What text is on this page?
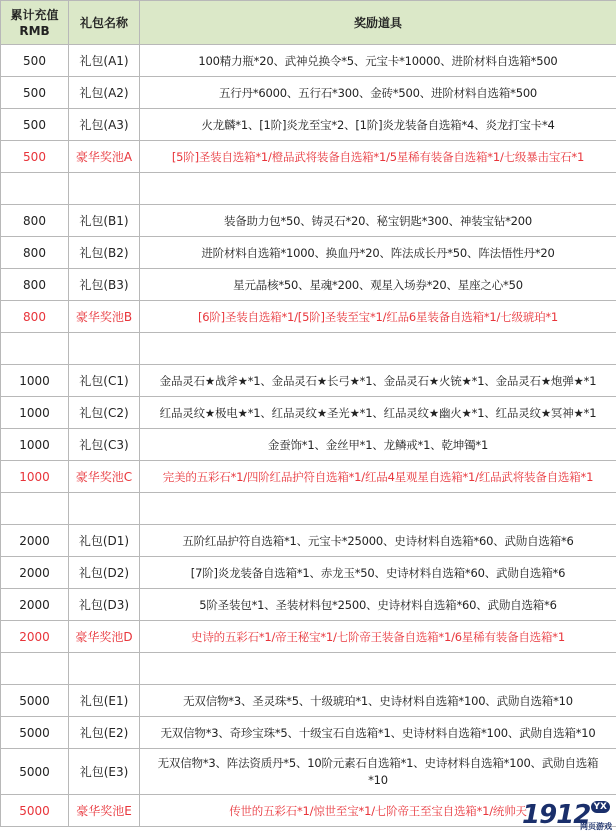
累计充值RMB	礼包名称	奖励道具
500	礼包(A1)	100精力瓶*20、武神兑换令*5、元宝卡*10000、进阶材料自选箱*500
500	礼包(A2)	五行丹*6000、五行石*300、金砖*500、进阶材料自选箱*500
500	礼包(A3)	火龙麟*1、[1阶]炎龙至宝*2、[1阶]炎龙装备自选箱*4、炎龙打宝卡*4
500	豪华奖池A	[5阶]圣装自选箱*1/橙品武将装备自选箱*1/5星稀有装备自选箱*1/七级暴击宝石*1

800	礼包(B1)	装备助力包*50、铸灵石*20、秘宝钥匙*300、神装宝钻*200
800	礼包(B2)	进阶材料自选箱*1000、换血丹*20、阵法成长丹*50、阵法悟性丹*20
800	礼包(B3)	星元晶核*50、星魂*200、观星入场券*20、星座之心*50
800	豪华奖池B	[6阶]圣装自选箱*1/[5阶]圣装至宝*1/红品6星装备自选箱*1/七级琥珀*1

1000	礼包(C1)	金品灵石★战斧★*1、金品灵石★长弓★*1、金品灵石★火铳★*1、金品灵石★炮弹★*1
1000	礼包(C2)	红品灵纹★极电★*1、红品灵纹★圣光★*1、红品灵纹★幽火★*1、红品灵纹★冥神★*1
1000	礼包(C3)	金蚕饰*1、金丝甲*1、龙鳞戒*1、乾坤镯*1
1000	豪华奖池C	完美的五彩石*1/四阶红品护符自选箱*1/红品4星观星自选箱*1/红品武将装备自选箱*1

2000	礼包(D1)	五阶红品护符自选箱*1、元宝卡*25000、史诗材料自选箱*60、武勋自选箱*6
2000	礼包(D2)	[7阶]炎龙装备自选箱*1、赤龙玉*50、史诗材料自选箱*60、武勋自选箱*6
2000	礼包(D3)	5阶圣装包*1、圣装材料包*2500、史诗材料自选箱*60、武勋自选箱*6
2000	豪华奖池D	史诗的五彩石*1/帝王秘宝*1/七阶帝王装备自选箱*1/6星稀有装备自选箱*1

5000	礼包(E1)	无双信物*3、圣灵珠*5、十级琥珀*1、史诗材料自选箱*100、武勋自选箱*10
5000	礼包(E2)	无双信物*3、奇珍宝珠*5、十级宝石自选箱*1、史诗材料自选箱*100、武勋自选箱*10
5000	礼包(E3)	无双信物*3、阵法资质丹*5、10阶元素石自选箱*1、史诗材料自选箱*100、武勋自选箱
*10

5000	豪华奖池E	传世的五彩石*1/惊世至宝*1/七阶帝王至宝自选箱*1/统帅天
1912 YX
网页游戏
